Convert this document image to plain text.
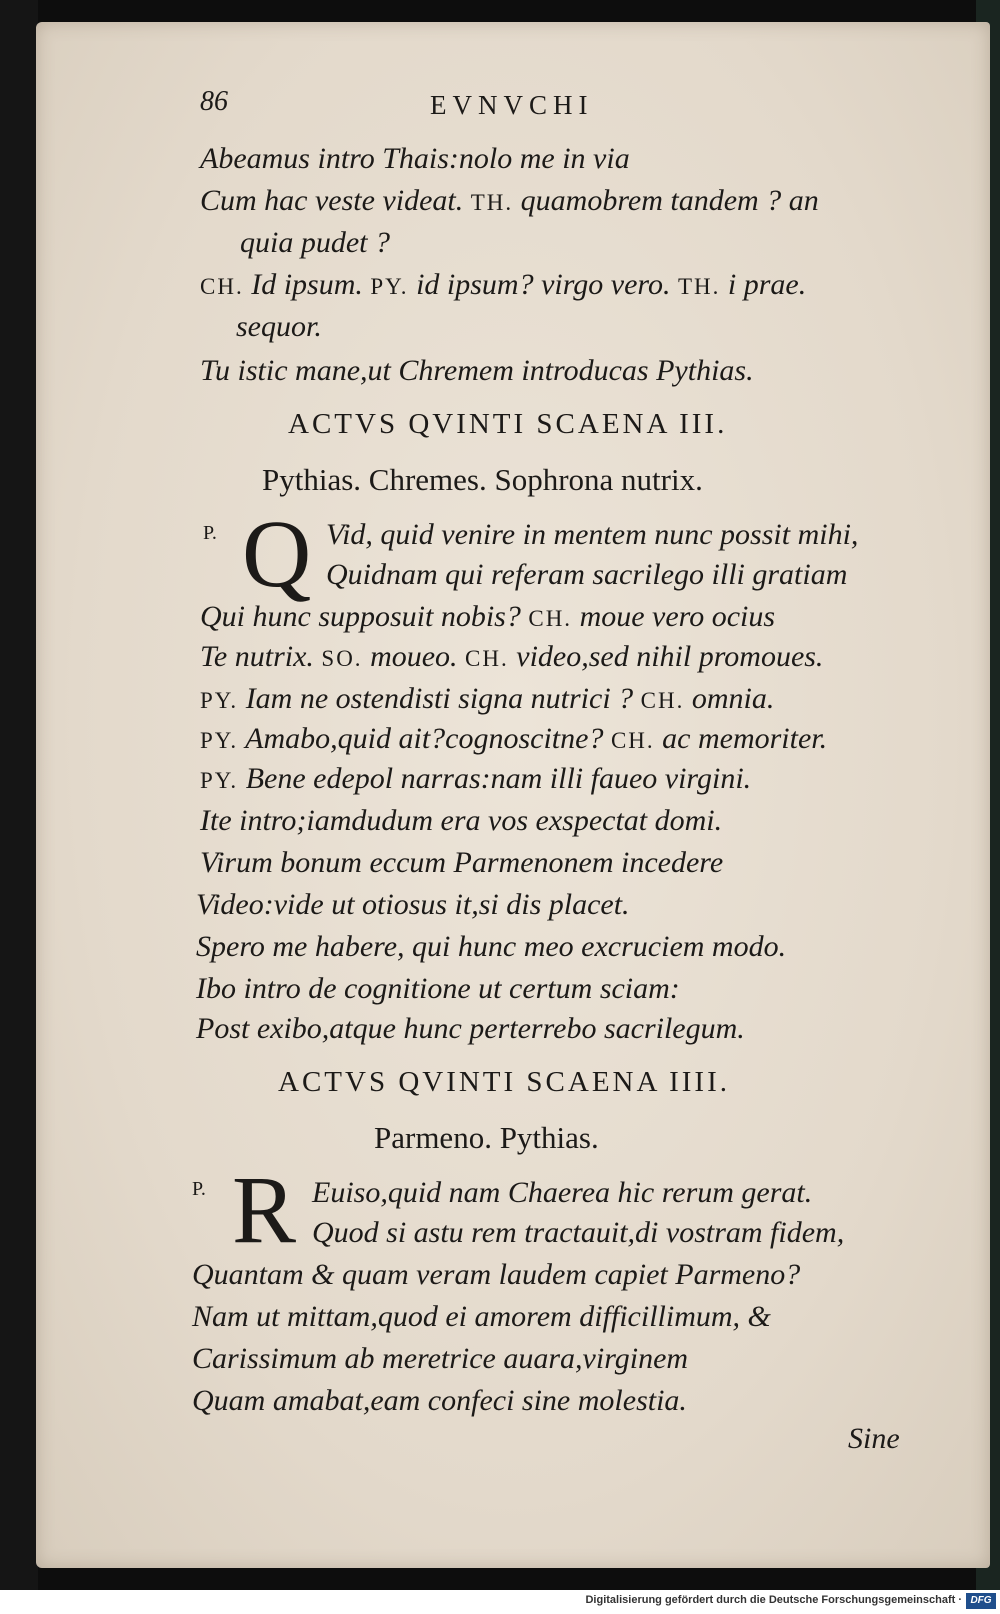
86	EVNVCHI
Abeamus intro Thais:nolo me in via
Cum hac veste videat. TH. quamobrem tandem ? an
quia pudet ?
CH. Id ipsum. PY. id ipsum? virgo vero. TH. i prae.
sequor.
Tu istic mane,ut Chremem introducas Pythias.
ACTVS QVINTI SCAENA III.
Pythias. Chremes. Sophrona nutrix.
P. Q Vid, quid venire in mentem nunc possit mihi,
Quidnam qui referam sacrilego illi gratiam
Qui hunc supposuit nobis? CH. moue vero ocius
Te nutrix. SO. moueo. CH. video,sed nihil promoues.
PY. Iam ne ostendisti signa nutrici ? CH. omnia.
PY. Amabo,quid ait?cognoscitne? CH. ac memoriter.
PY. Bene edepol narras:nam illi faueo virgini.
Ite intro;iamdudum era vos exspectat domi.
Virum bonum eccum Parmenonem incedere
Video:vide ut otiosus it,si dis placet.
Spero me habere, qui hunc meo excruciem modo.
Ibo intro de cognitione ut certum sciam:
Post exibo,atque hunc perterrebo sacrilegum.
ACTVS QVINTI SCAENA IIII.
Parmeno. Pythias.
P. R Euiso,quid nam Chaerea hic rerum gerat.
Quod si astu rem tractauit,di vostram fidem,
Quantam & quam veram laudem capiet Parmeno?
Nam ut mittam,quod ei amorem difficillimum, &
Carissimum ab meretrice auara,virginem
Quam amabat,eam confeci sine molestia.
Sine
Digitalisierung gefördert durch die Deutsche Forschungsgemeinschaft · DFG
